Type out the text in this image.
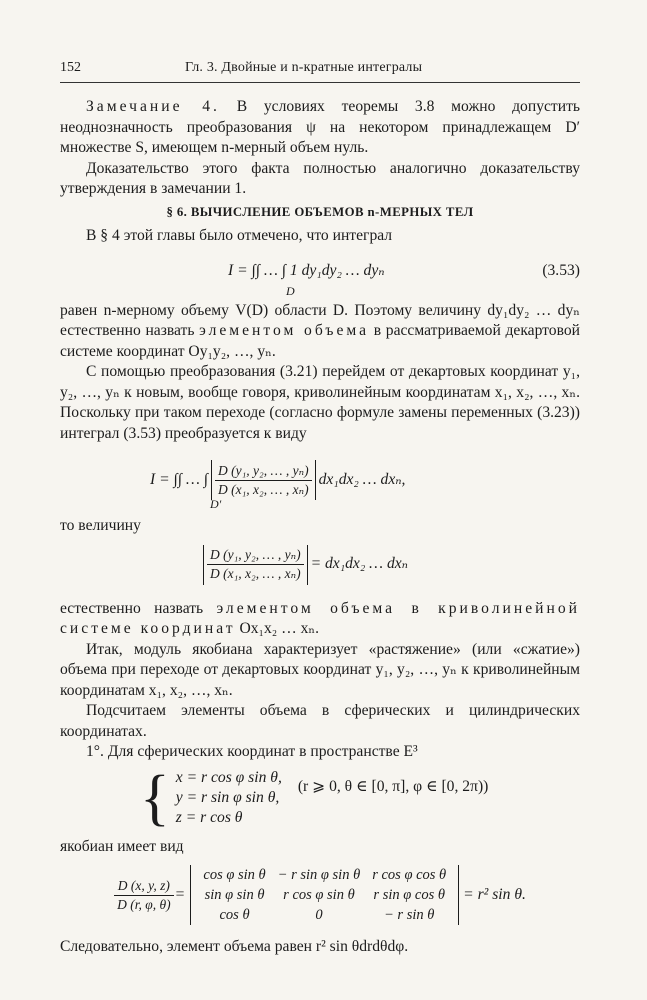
152	Гл. 3. Двойные и n-кратные интегралы

Замечание 4. В условиях теоремы 3.8 можно допустить неоднозначность преобразования ψ на некотором принадлежащем D′ множестве S, имеющем n-мерный объем нуль.

Доказательство этого факта полностью аналогично доказательству утверждения в замечании 1.

§ 6. ВЫЧИСЛЕНИЕ ОБЪЕМОВ n-МЕРНЫХ ТЕЛ

В § 4 этой главы было отмечено, что интеграл

I = ∫∫ … ∫ 1 dy₁dy₂ … dyₙ
D
(3.53)

равен n-мерному объему V(D) области D. Поэтому величину dy₁dy₂ … dyₙ естественно назвать элементом объема в рассматриваемой декартовой системе координат Oy₁y₂, …, yₙ.

С помощью преобразования (3.21) перейдем от декартовых координат y₁, y₂, …, yₙ к новым, вообще говоря, криволинейным координатам x₁, x₂, …, xₙ. Поскольку при таком переходе (согласно формуле замены переменных (3.23)) интеграл (3.53) преобразуется к виду

I = ∫∫ … ∫ $\frac{\text{D (y₁, y₂, … , yₙ)}}{\text{D (x₁, x₂, … , xₙ)}} dx_1dx_2$ … dxₙ,
D′

то величину

$\frac{\text{D (y₁, y₂, … , yₙ)}}{\text{D (x₁, x₂, … , xₙ)}} = dx_1dx_2$ … dxₙ

естественно назвать элементом объема в криволинейной системе координат Ox₁x₂ … xₙ.

Итак, модуль якобиана характеризует «растяжение» (или «сжатие») объема при переходе от декартовых координат y₁, y₂, …, yₙ к криволинейным координатам x₁, x₂, …, xₙ.

Подсчитаем элементы объема в сферических и цилиндрических координатах.

1°. Для сферических координат в пространстве E³

{ x = r cos φ sin θ,
y = r sin φ sin θ,
z = r cos θ
(r ⩾ 0, θ ∈ [0, π], φ ∈ [0, 2π))

якобиан имеет вид

$\frac{D (x, y, z)}{D (r, \varphi, \theta)}$ =
cos φ sin θ	− r sin φ sin θ	r cos φ cos θ
sin φ sin θ	r cos φ sin θ	r sin φ cos θ
cos θ	0	− r sin θ
= r² sin θ.

Следовательно, элемент объема равен r² sin θdrdθdφ.
